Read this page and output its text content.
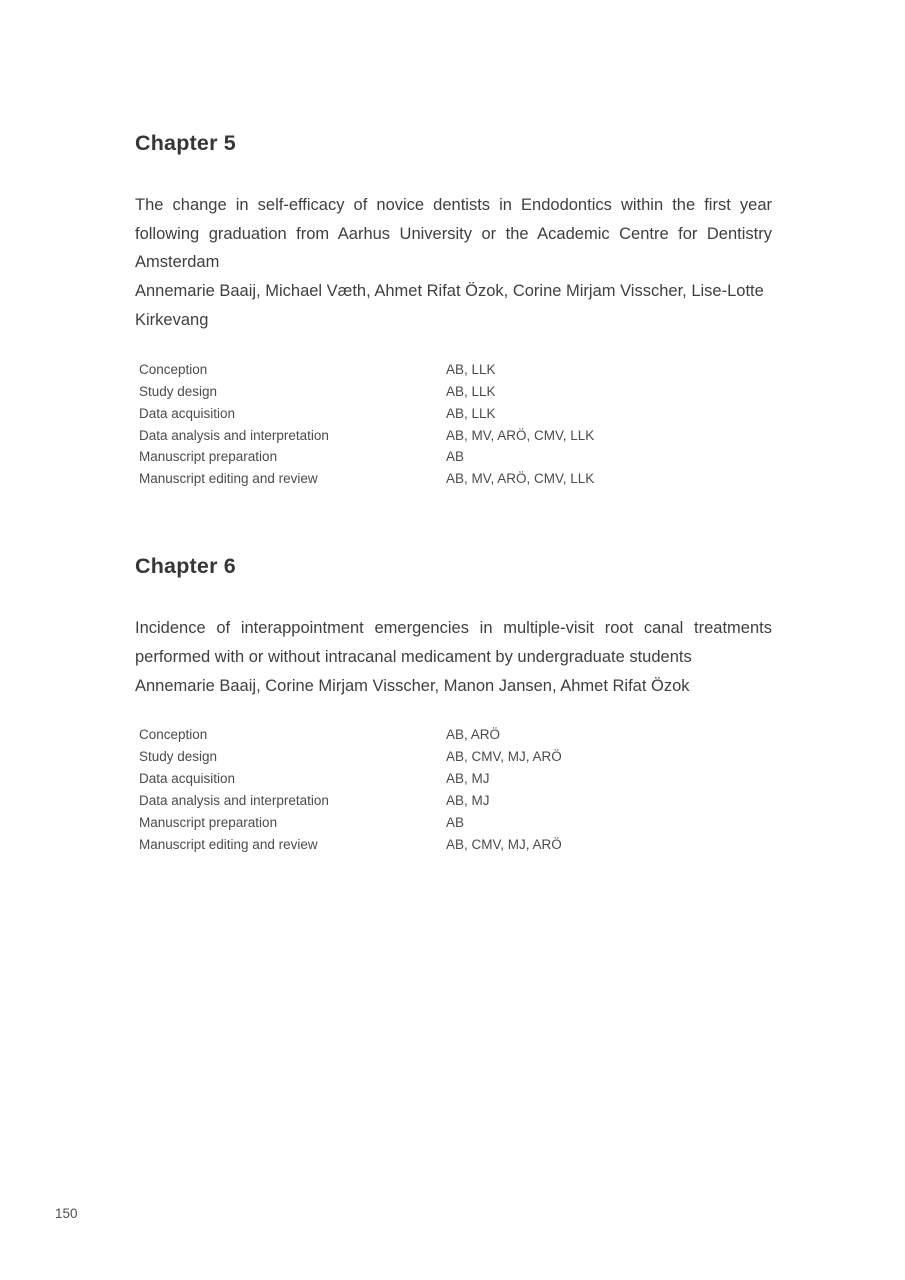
Chapter 5

The change in self-efficacy of novice dentists in Endodontics within the first year following graduation from Aarhus University or the Academic Centre for Dentistry Amsterdam

Annemarie Baaij, Michael Væth, Ahmet Rifat Özok, Corine Mirjam Visscher, Lise-Lotte Kirkevang

Conception	AB, LLK
Study design	AB, LLK
Data acquisition	AB, LLK
Data analysis and interpretation	AB, MV, ARÖ, CMV, LLK
Manuscript preparation	AB
Manuscript editing and review	AB, MV, ARÖ, CMV, LLK
Chapter 6

Incidence of interappointment emergencies in multiple-visit root canal treatments performed with or without intracanal medicament by undergraduate students

Annemarie Baaij, Corine Mirjam Visscher, Manon Jansen, Ahmet Rifat Özok

Conception	AB, ARÖ
Study design	AB, CMV, MJ, ARÖ
Data acquisition	AB, MJ
Data analysis and interpretation	AB, MJ
Manuscript preparation	AB
Manuscript editing and review	AB, CMV, MJ, ARÖ
150
